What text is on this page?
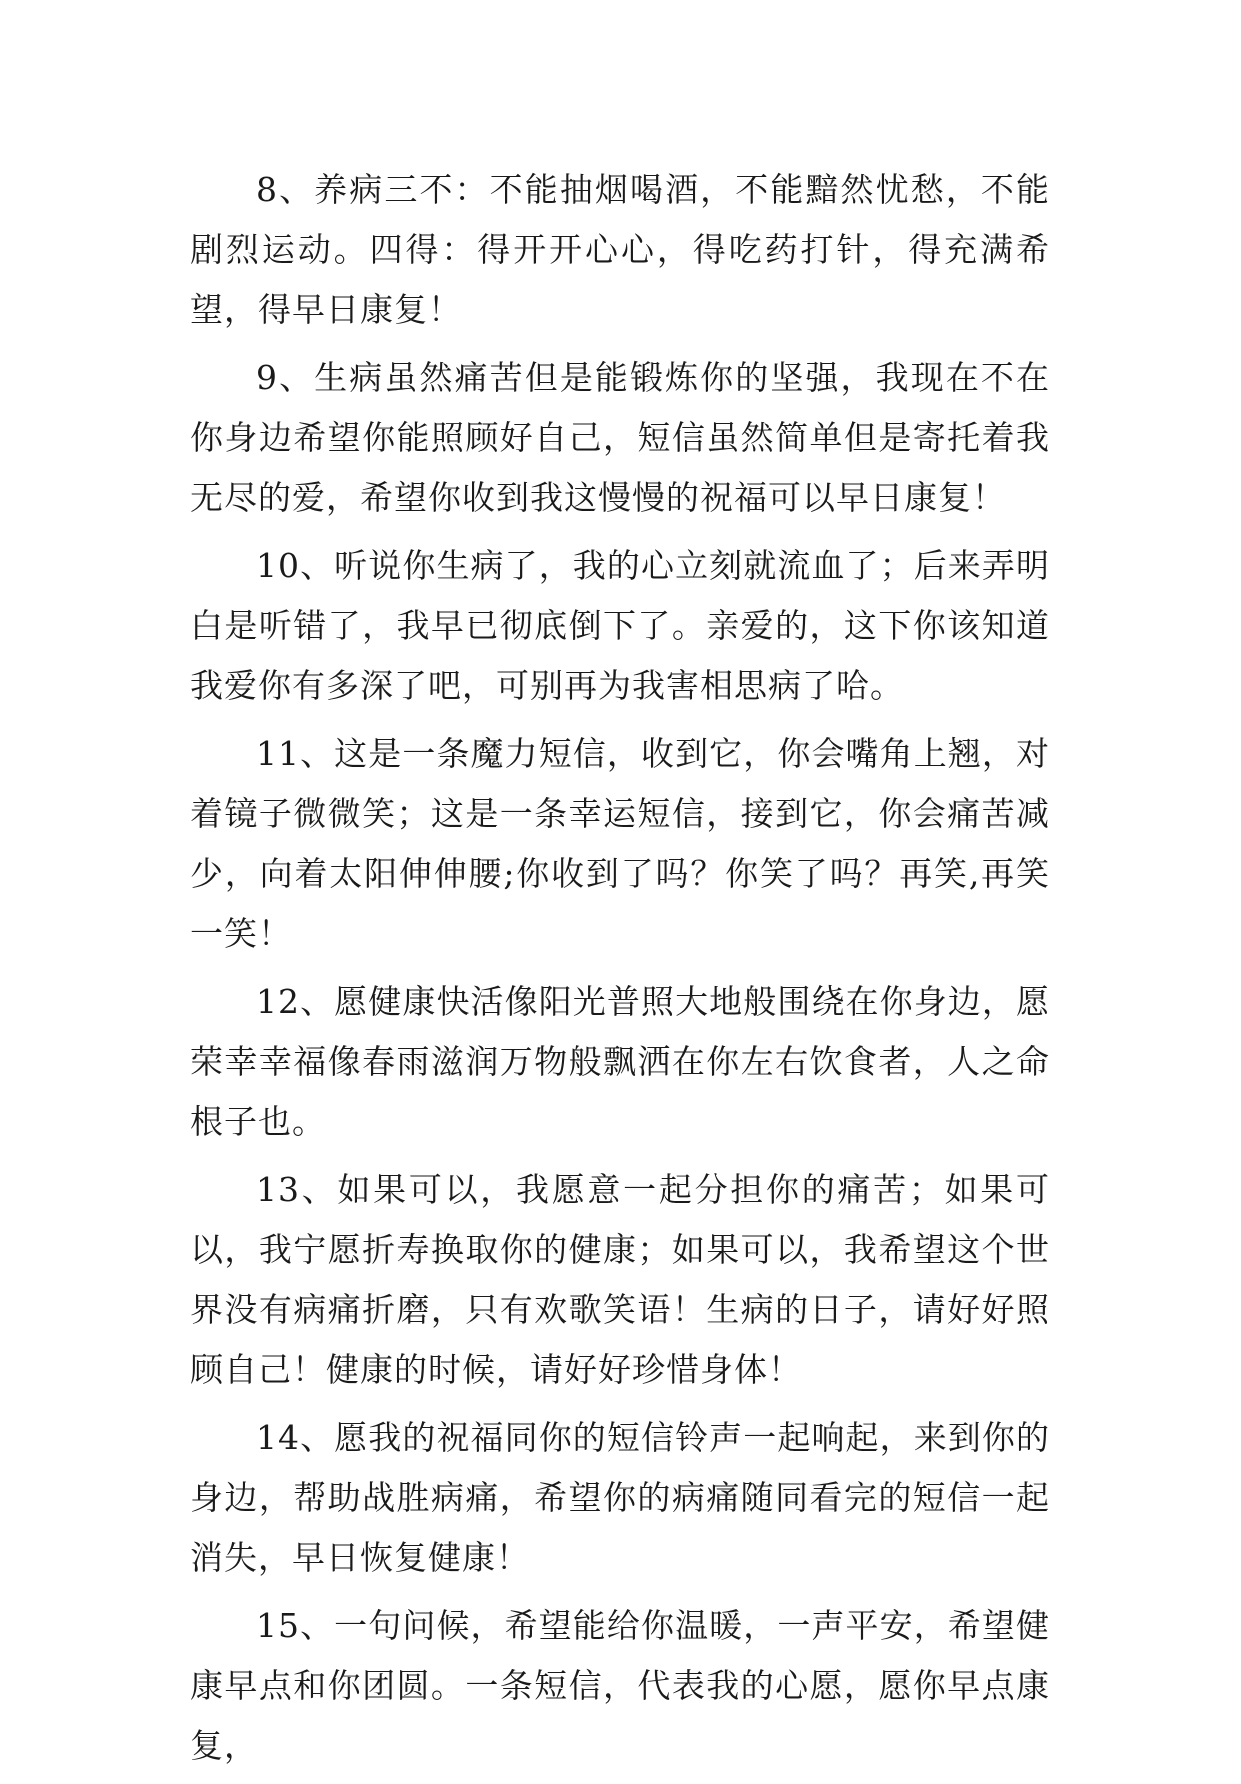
8、养病三不：不能抽烟喝酒，不能黯然忧愁，不能剧烈运动。四得：得开开心心，得吃药打针，得充满希望，得早日康复！

9、生病虽然痛苦但是能锻炼你的坚强，我现在不在你身边希望你能照顾好自己，短信虽然简单但是寄托着我无尽的爱，希望你收到我这慢慢的祝福可以早日康复！

10、听说你生病了，我的心立刻就流血了；后来弄明白是听错了，我早已彻底倒下了。亲爱的，这下你该知道我爱你有多深了吧，可别再为我害相思病了哈。

11、这是一条魔力短信，收到它，你会嘴角上翘，对着镜子微微笑；这是一条幸运短信，接到它，你会痛苦减少，向着太阳伸伸腰;你收到了吗？你笑了吗？再笑,再笑一笑！

12、愿健康快活像阳光普照大地般围绕在你身边，愿荣幸幸福像春雨滋润万物般飘洒在你左右饮食者，人之命根子也。

13、如果可以，我愿意一起分担你的痛苦；如果可以，我宁愿折寿换取你的健康；如果可以，我希望这个世界没有病痛折磨，只有欢歌笑语！生病的日子，请好好照顾自己！健康的时候，请好好珍惜身体！

14、愿我的祝福同你的短信铃声一起响起，来到你的身边，帮助战胜病痛，希望你的病痛随同看完的短信一起消失，早日恢复健康！

15、一句问候，希望能给你温暖，一声平安，希望健康早点和你团圆。一条短信，代表我的心愿，愿你早点康复，
